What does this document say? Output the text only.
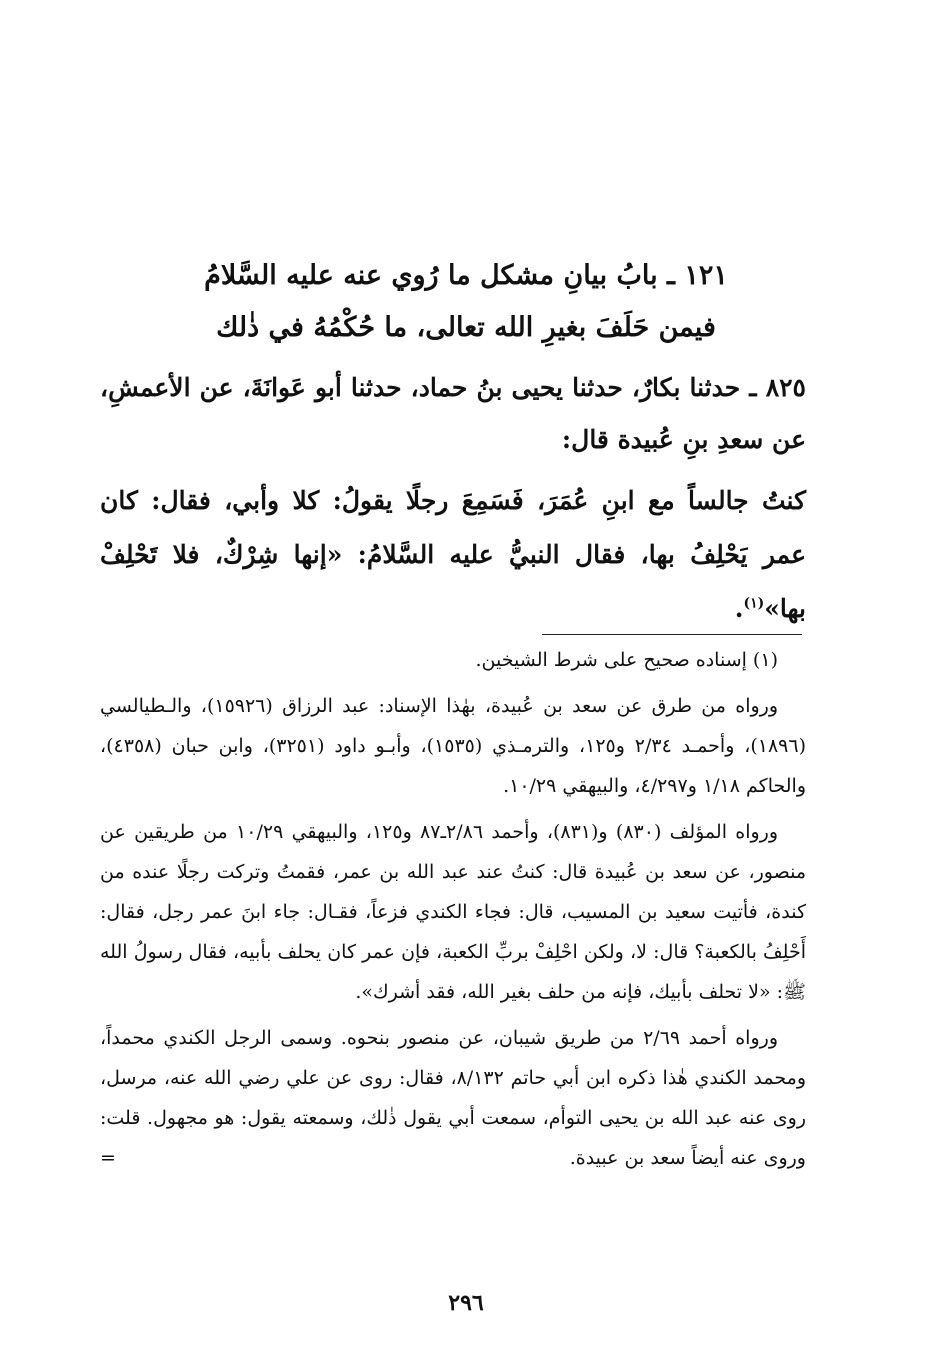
١٢١ ـ بابُ بيانِ مشكل ما رُوي عنه عليه السَّلامُ
فيمن حَلَفَ بغيرِ الله تعالى، ما حُكْمُهُ في ذٰلك
٨٢٥ ـ حدثنا بكارٌ، حدثنا يحيى بنُ حماد، حدثنا أبو عَوانَةَ، عن الأعمشِ، عن سعدِ بنِ عُبيدة قال:
كنتُ جالساً مع ابنِ عُمَرَ، فَسَمِعَ رجلًا يقولُ: كلا وأبي، فقال: كان عمر يَحْلِفُ بها، فقال النبيُّ عليه السَّلامُ: «إنها شِرْكٌ، فلا تَحْلِفْ بها»$^{(١)}$.

(١) إسناده صحيح على شرط الشيخين.

ورواه من طرق عن سعد بن عُبيدة، بهٰذا الإسناد: عبد الرزاق (١٥٩٢٦)، والـطيالسي (١٨٩٦)، وأحمـد ٢/٣٤ و١٢٥، والترمـذي (١٥٣٥)، وأبـو داود (٣٢٥١)، وابن حبان (٤٣٥٨)، والحاكم ١/١٨ و٤/٢٩٧، والبيهقي ١٠/٢٩.

ورواه المؤلف (٨٣٠) و(٨٣١)، وأحمد ٢/٨٦ـ٨٧ و١٢٥، والبيهقي ١٠/٢٩ من طريقين عن منصور، عن سعد بن عُبيدة قال: كنتُ عند عبد الله بن عمر، فقمتُ وتركت رجلًا عنده من كندة، فأتيت سعيد بن المسيب، قال: فجاء الكندي فزعاً، فقـال: جاء ابنَ عمر رجل، فقال: أَحْلِفُ بالكعبة؟ قال: لا، ولكن احْلِفْ بربِّ الكعبة، فإن عمر كان يحلف بأبيه، فقال رسولُ الله ﷺ: «لا تحلف بأبيك، فإنه من حلف بغير الله، فقد أشرك».

ورواه أحمد ٢/٦٩ من طريق شيبان، عن منصور بنحوه. وسمى الرجل الكندي محمداً، ومحمد الكندي هٰذا ذكره ابن أبي حاتم ٨/١٣٢، فقال: روى عن علي رضي الله عنه، مرسل، روى عنه عبد الله بن يحيى التوأم، سمعت أبي يقول ذٰلك، وسمعته يقول: هو مجهول. قلت: وروى عنه أيضاً سعد بن عبيدة.
=

٢٩٦
